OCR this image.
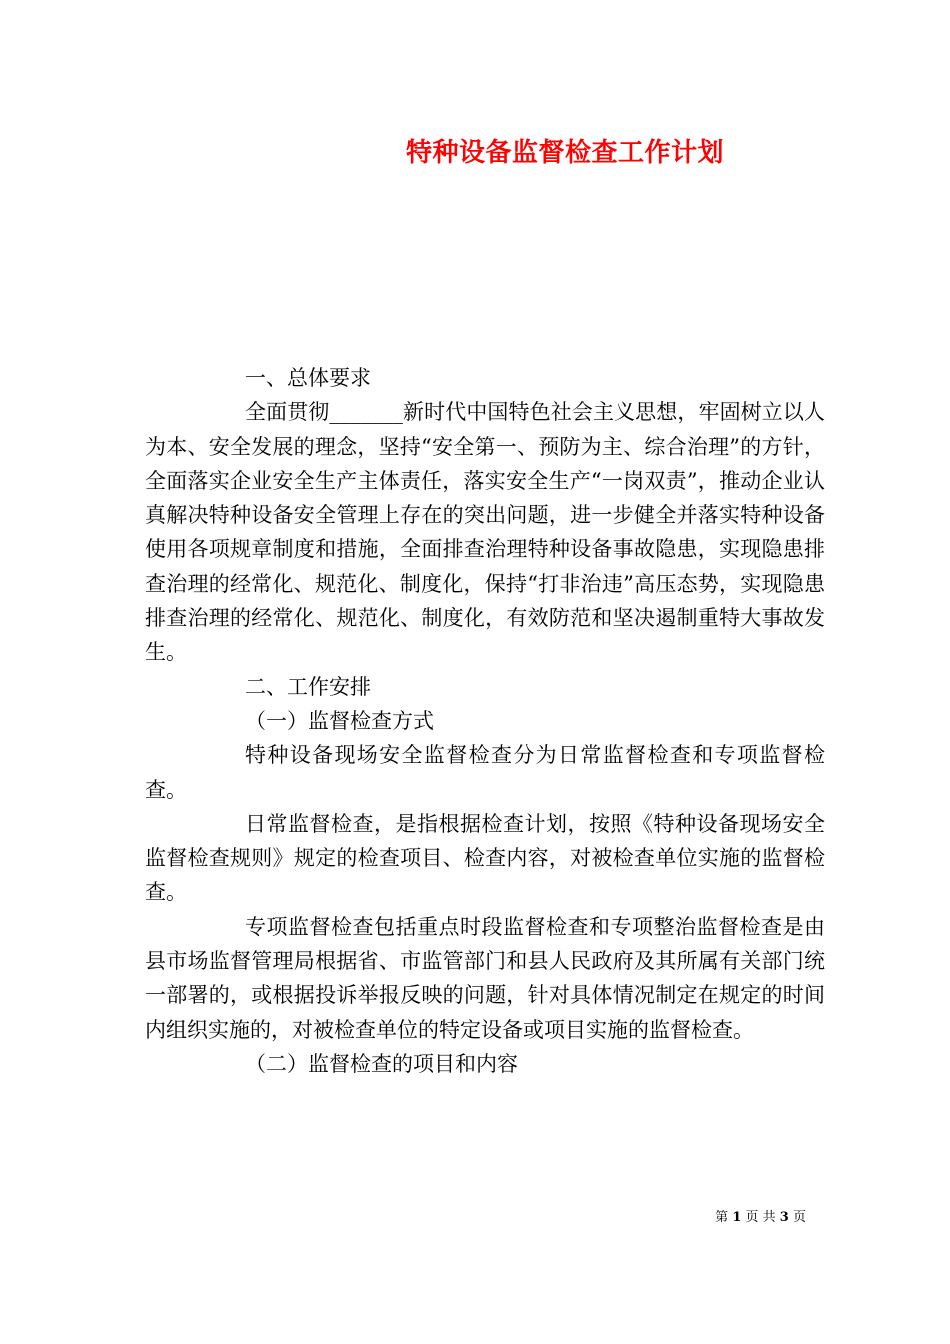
特种设备监督检查工作计划

一、总体要求

全面贯彻_______新时代中国特色社会主义思想，牢固树立以人为本、安全发展的理念，坚持“安全第一、预防为主、综合治理”的方针，全面落实企业安全生产主体责任，落实安全生产“一岗双责”，推动企业认真解决特种设备安全管理上存在的突出问题，进一步健全并落实特种设备使用各项规章制度和措施，全面排查治理特种设备事故隐患，实现隐患排查治理的经常化、规范化、制度化，保持“打非治违”高压态势，实现隐患排查治理的经常化、规范化、制度化，有效防范和坚决遏制重特大事故发生。

二、工作安排

（一）监督检查方式

特种设备现场安全监督检查分为日常监督检查和专项监督检查。

日常监督检查，是指根据检查计划，按照《特种设备现场安全监督检查规则》规定的检查项目、检查内容，对被检查单位实施的监督检查。

专项监督检查包括重点时段监督检查和专项整治监督检查是由县市场监督管理局根据省、市监管部门和县人民政府及其所属有关部门统一部署的，或根据投诉举报反映的问题，针对具体情况制定在规定的时间内组织实施的，对被检查单位的特定设备或项目实施的监督检查。

（二）监督检查的项目和内容

第 1 页 共 3 页
